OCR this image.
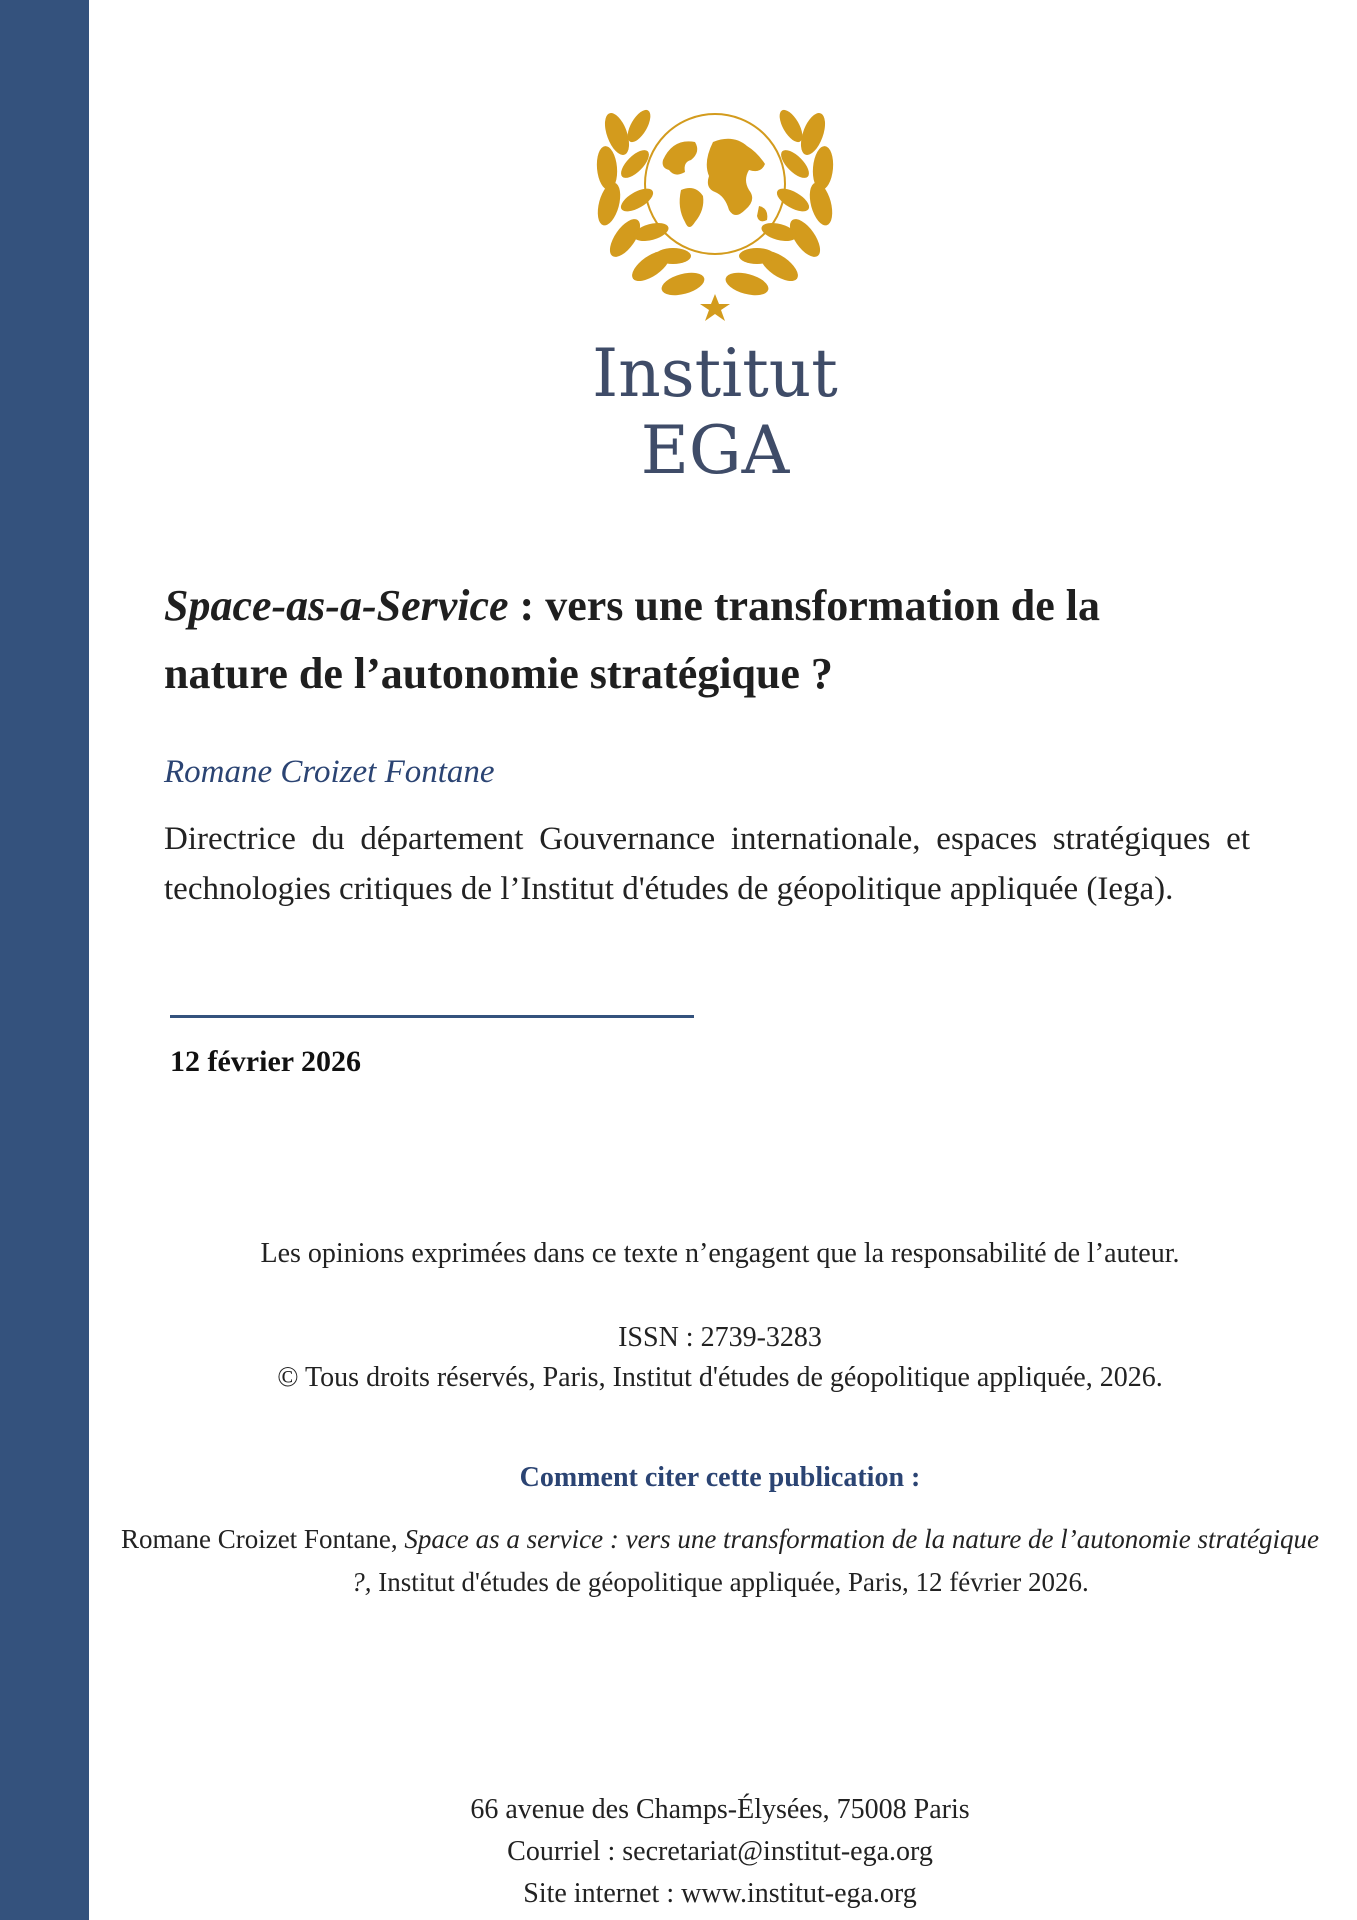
Institut
EGA
Space-as-a-Service : vers une transformation de la nature de l’autonomie stratégique ?
Romane Croizet Fontane
Directrice du département Gouvernance internationale, espaces stratégiques et technologies critiques de l’Institut d'études de géopolitique appliquée (Iega).
12 février 2026
Les opinions exprimées dans ce texte n’engagent que la responsabilité de l’auteur.
ISSN : 2739-3283
© Tous droits réservés, Paris, Institut d'études de géopolitique appliquée, 2026.
Comment citer cette publication :
Romane Croizet Fontane, Space as a service : vers une transformation de la nature de l’autonomie stratégique ?, Institut d'études de géopolitique appliquée, Paris, 12 février 2026.
66 avenue des Champs-Élysées, 75008 Paris
Courriel : secretariat@institut-ega.org
Site internet : www.institut-ega.org
